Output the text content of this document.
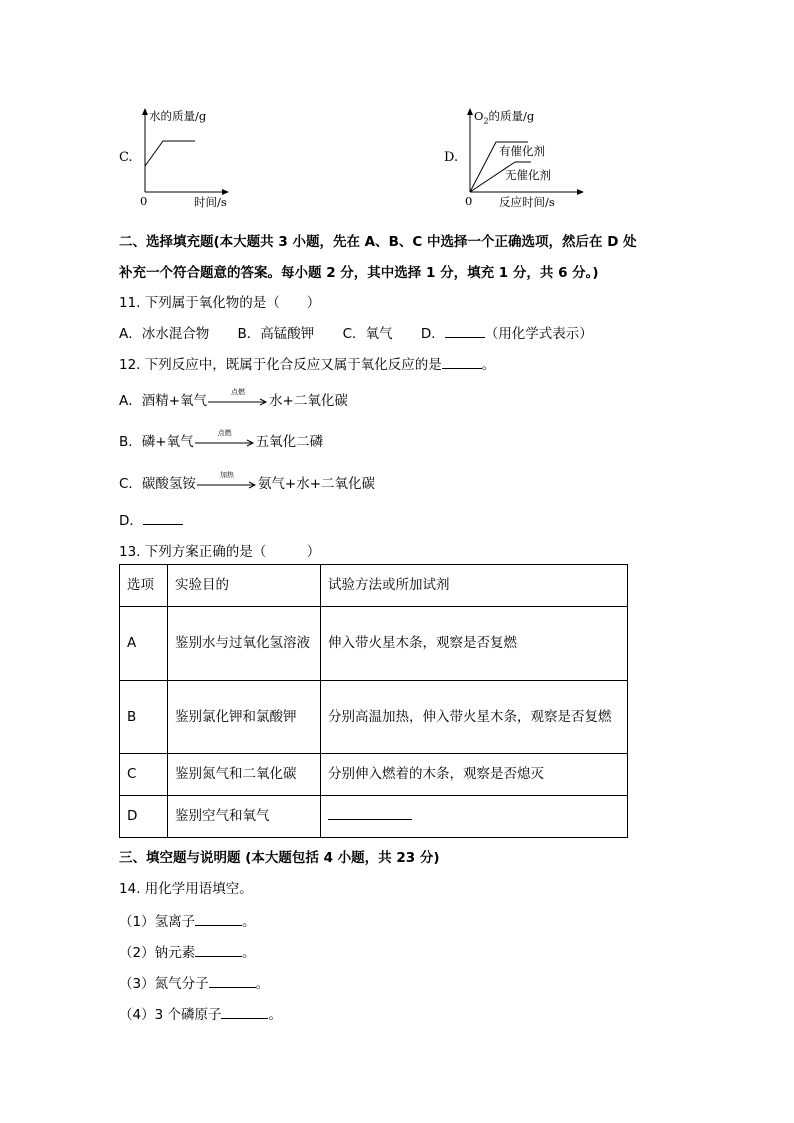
C.
水的质量/g
时间/s
0
D.
$O_2$的质量/g
有催化剂
无催化剂
反应时间/s
0
二、选择填充题(本大题共 3 小题，先在 A、B、C 中选择一个正确选项，然后在 D 处
补充一个符合题意的答案。每小题 2 分，其中选择 1 分，填充 1 分，共 6 分。)
11. 下列属于氧化物的是（　　）
A．冰水混合物 B．高锰酸钾 C．氧气 D．	（用化学式表示）
12. 下列反应中，既属于化合反应又属于氧化反应的是	。
A．酒精+氧气
点燃
水+二氧化碳
B．磷+氧气
点燃
五氧化二磷
C．碳酸氢铵
加热
氨气+水+二氧化碳
D．
13. 下列方案正确的是（　　　）
选项	实验目的	试验方法或所加试剂
A	鉴别水与过氧化氢溶液	伸入带火星木条，观察是否复燃
B	鉴别氯化钾和氯酸钾	分别高温加热，伸入带火星木条，观察是否复燃
C	鉴别氮气和二氧化碳	分别伸入燃着的木条，观察是否熄灭
D	鉴别空气和氧气	
三、填空题与说明题 (本大题包括 4 小题，共 23 分)
14. 用化学用语填空。
（1）氢离子	。
（2）钠元素	。
（3）氮气分子	。
（4）3 个磷原子	。
